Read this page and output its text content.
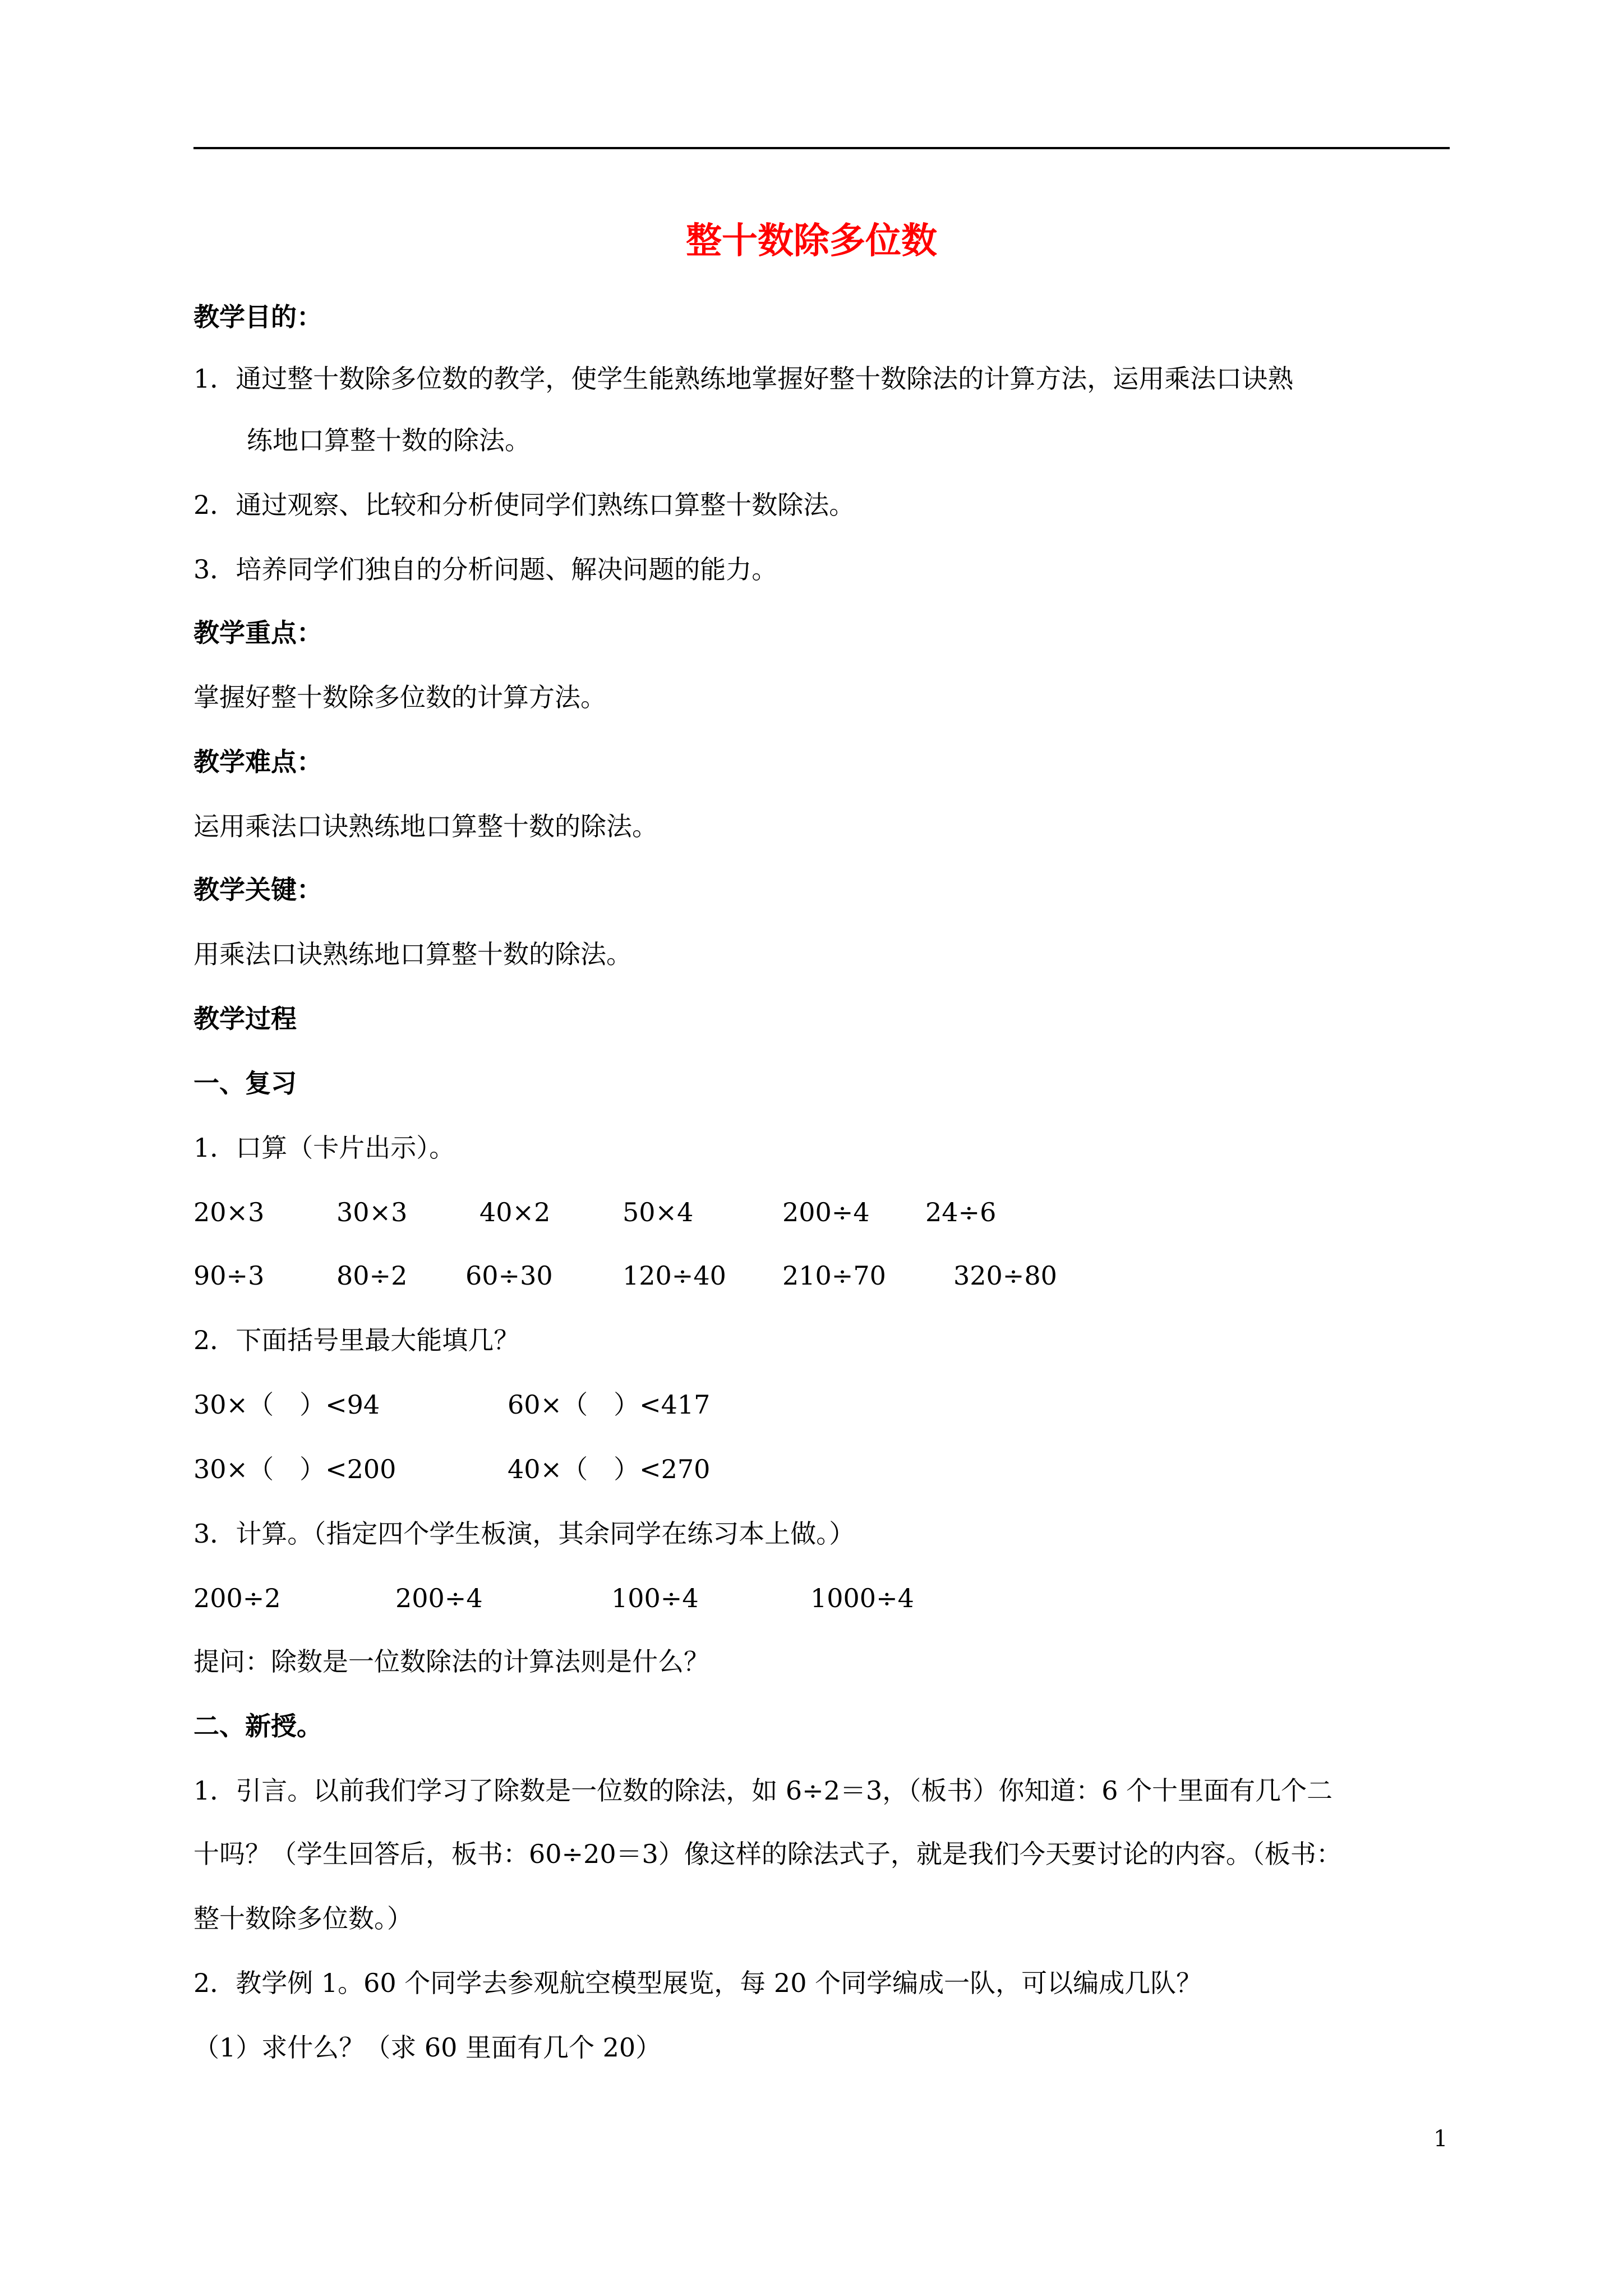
整十数除多位数
教学目的：
1．通过整十数除多位数的教学，使学生能熟练地掌握好整十数除法的计算方法，运用乘法口诀熟
练地口算整十数的除法。
2．通过观察、比较和分析使同学们熟练口算整十数除法。
3．培养同学们独自的分析问题、解决问题的能力。
教学重点：
掌握好整十数除多位数的计算方法。
教学难点：
运用乘法口诀熟练地口算整十数的除法。
教学关键：
用乘法口诀熟练地口算整十数的除法。
教学过程
一、复习
1．口算（卡片出示）。
20×3	30×3	40×2	50×4	200÷4 24÷6
90÷3	80÷2 60÷30	120÷40 210÷70	320÷80
2．下面括号里最大能填几？
30×（　）<94	60×（　）<417
30×（　）<200	40×（　）<270
3．计算。（指定四个学生板演，其余同学在练习本上做。）
200÷2	200÷4	100÷4	1000÷4
提问：除数是一位数除法的计算法则是什么？
二、新授。
1．引言。以前我们学习了除数是一位数的除法，如 6÷2＝3，（板书）你知道：6 个十里面有几个二
十吗？（学生回答后，板书：60÷20＝3）像这样的除法式子，就是我们今天要讨论的内容。（板书：
整十数除多位数。）
2．教学例 1。60 个同学去参观航空模型展览，每 20 个同学编成一队，可以编成几队？
（1）求什么？（求 60 里面有几个 20）
1
